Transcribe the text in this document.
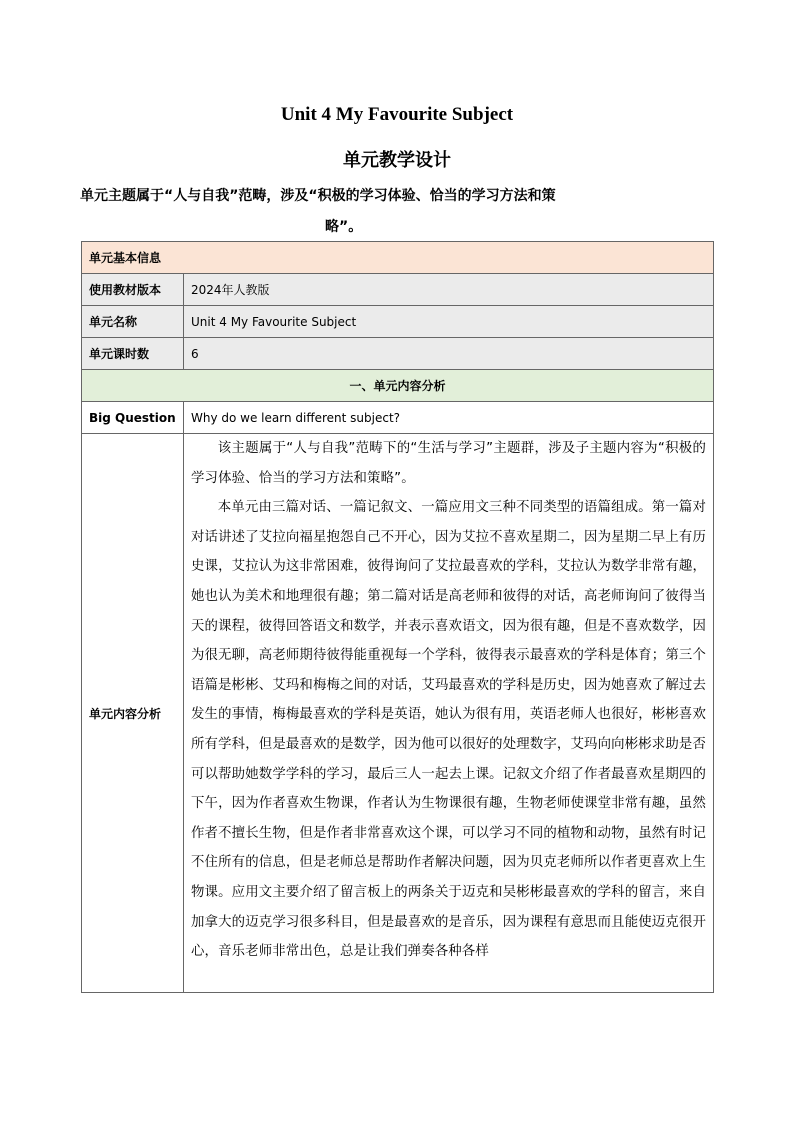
Unit 4 My Favourite Subject
单元教学设计
单元主题属于“人与自我”范畴，涉及“积极的学习体验、恰当的学习方法和策
略”。
单元基本信息	
使用教材版本	2024年人教版
单元名称	Unit 4 My Favourite Subject
单元课时数	6
一、单元内容分析	
Big Question	Why do we learn different subject?
单元内容分析	该主题属于“人与自我”范畴下的“生活与学习”主题群，涉及子主题内容为“积极的学习体验、恰当的学习方法和策略”。

本单元由三篇对话、一篇记叙文、一篇应用文三种不同类型的语篇组成。第一篇对对话讲述了艾拉向福星抱怨自己不开心，因为艾拉不喜欢星期二，因为星期二早上有历史课，艾拉认为这非常困难，彼得询问了艾拉最喜欢的学科，艾拉认为数学非常有趣，她也认为美术和地理很有趣；第二篇对话是高老师和彼得的对话，高老师询问了彼得当天的课程，彼得回答语文和数学，并表示喜欢语文，因为很有趣，但是不喜欢数学，因为很无聊，高老师期待彼得能重视每一个学科，彼得表示最喜欢的学科是体育；第三个语篇是彬彬、艾玛和梅梅之间的对话，艾玛最喜欢的学科是历史，因为她喜欢了解过去发生的事情，梅梅最喜欢的学科是英语，她认为很有用，英语老师人也很好，彬彬喜欢所有学科，但是最喜欢的是数学，因为他可以很好的处理数字，艾玛向向彬彬求助是否可以帮助她数学学科的学习，最后三人一起去上课。记叙文介绍了作者最喜欢星期四的下午，因为作者喜欢生物课，作者认为生物课很有趣，生物老师使课堂非常有趣，虽然作者不擅长生物，但是作者非常喜欢这个课，可以学习不同的植物和动物，虽然有时记不住所有的信息，但是老师总是帮助作者解决问题，因为贝克老师所以作者更喜欢上生物课。应用文主要介绍了留言板上的两条关于迈克和吴彬彬最喜欢的学科的留言，来自加拿大的迈克学习很多科目，但是最喜欢的是音乐，因为课程有意思而且能使迈克很开心，音乐老师非常出色，总是让我们弹奏各种各样
